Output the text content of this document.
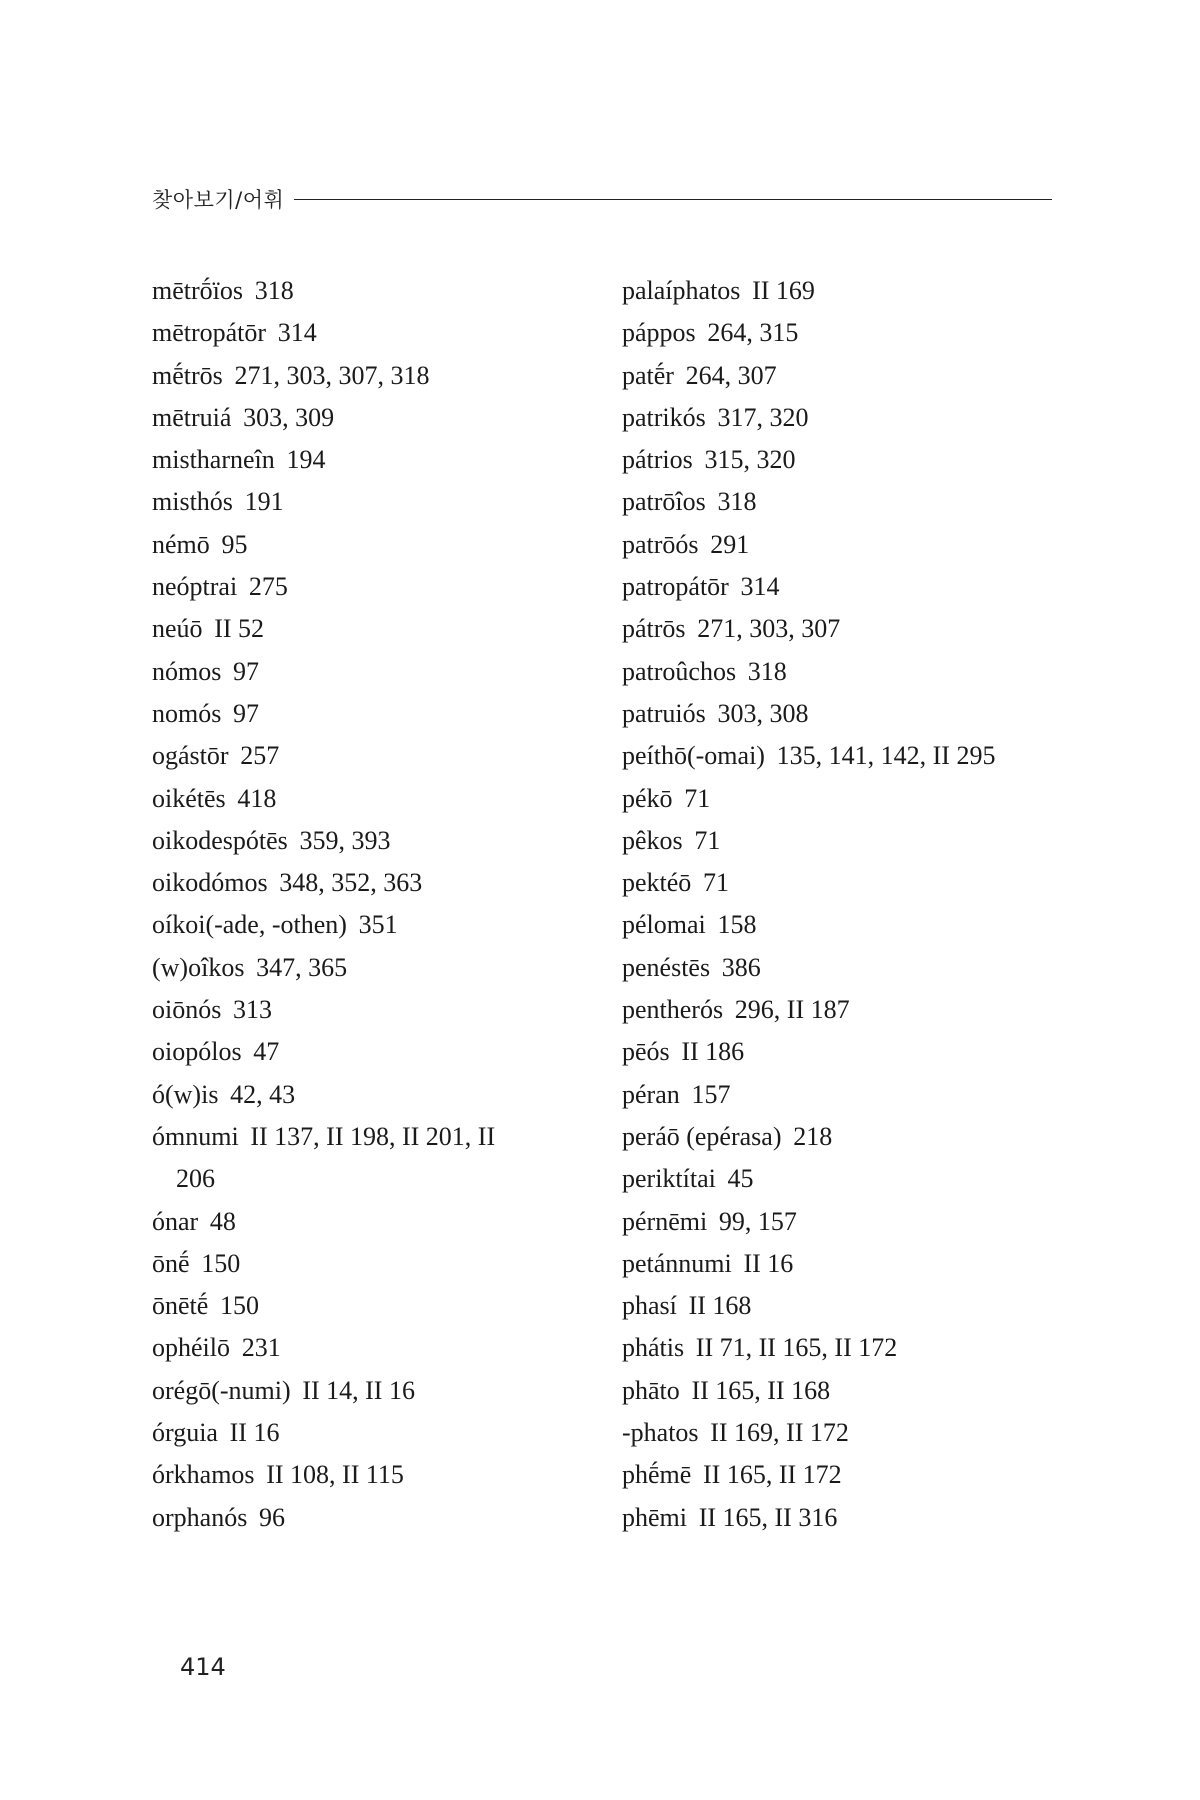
찾아보기/어휘
mētrṓïos 318
mētropátōr 314
mḗtrōs 271, 303, 307, 318
mētruiá 303, 309
mistharneîn 194
misthós 191
némō 95
neóptrai 275
neúō II 52
nómos 97
nomós 97
ogástōr 257
oikétēs 418
oikodespótēs 359, 393
oikodómos 348, 352, 363
oíkoi(-ade, -othen) 351
(w)oîkos 347, 365
oiōnós 313
oiopólos 47
ó(w)is 42, 43
ómnumi II 137, II 198, II 201, II
206
ónar 48
ōnḗ 150
ōnētḗ 150
ophéilō 231
orégō(-numi) II 14, II 16
órguia II 16
órkhamos II 108, II 115
orphanós 96
palaíphatos II 169
páppos 264, 315
patḗr 264, 307
patrikós 317, 320
pátrios 315, 320
patrōîos 318
patrōós 291
patropátōr 314
pátrōs 271, 303, 307
patroûchos 318
patruiós 303, 308
peíthō(-omai) 135, 141, 142, II 295
pékō 71
pêkos 71
pektéō 71
pélomai 158
penéstēs 386
pentherós 296, II 187
pēós II 186
péran 157
peráō (epérasa) 218
periktítai 45
pérnēmi 99, 157
petánnumi II 16
phasí II 168
phátis II 71, II 165, II 172
phāto II 165, II 168
-phatos II 169, II 172
phḗmē II 165, II 172
phēmi II 165, II 316
414
